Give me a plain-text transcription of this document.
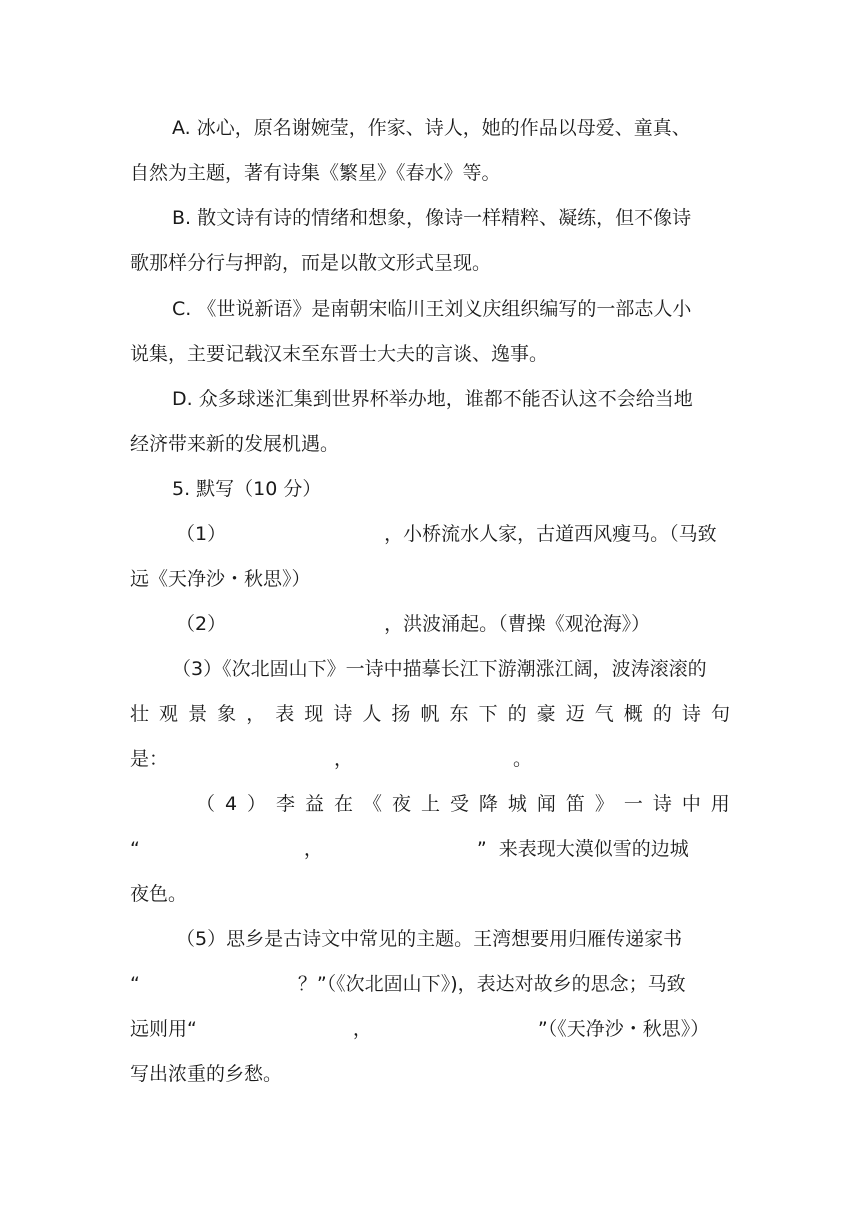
A. 冰心，原名谢婉莹，作家、诗人，她的作品以母爱、童真、
自然为主题，著有诗集《繁星》《春水》等。
B. 散文诗有诗的情绪和想象，像诗一样精粹、凝练，但不像诗
歌那样分行与押韵，而是以散文形式呈现。
C. 《世说新语》是南朝宋临川王刘义庆组织编写的一部志人小
说集，主要记载汉末至东晋士大夫的言谈、逸事。
D. 众多球迷汇集到世界杯举办地，谁都不能否认这不会给当地
经济带来新的发展机遇。
5. 默写（10 分）
（1）	，小桥流水人家，古道西风瘦马。（马致
远《天净沙・秋思》）
（2）	，洪波涌起。（曹操《观沧海》）
（3）《次北固山下》一诗中描摹长江下游潮涨江阔，波涛滚滚的
壮 观 景 象 ， 表 现 诗 人 扬 帆 东 下 的 豪 迈 气 概 的 诗 句
是：	，	。
（ 4 ） 李 益 在 《 夜 上 受 降 城 闻 笛 》 一 诗 中 用
“	，	” 来表现大漠似雪的边城
夜色。
（5）思乡是古诗文中常见的主题。王湾想要用归雁传递家书
“	？”（《次北固山下》)，表达对故乡的思念；马致
远则用“	，	”（《天净沙・秋思》）
写出浓重的乡愁。
